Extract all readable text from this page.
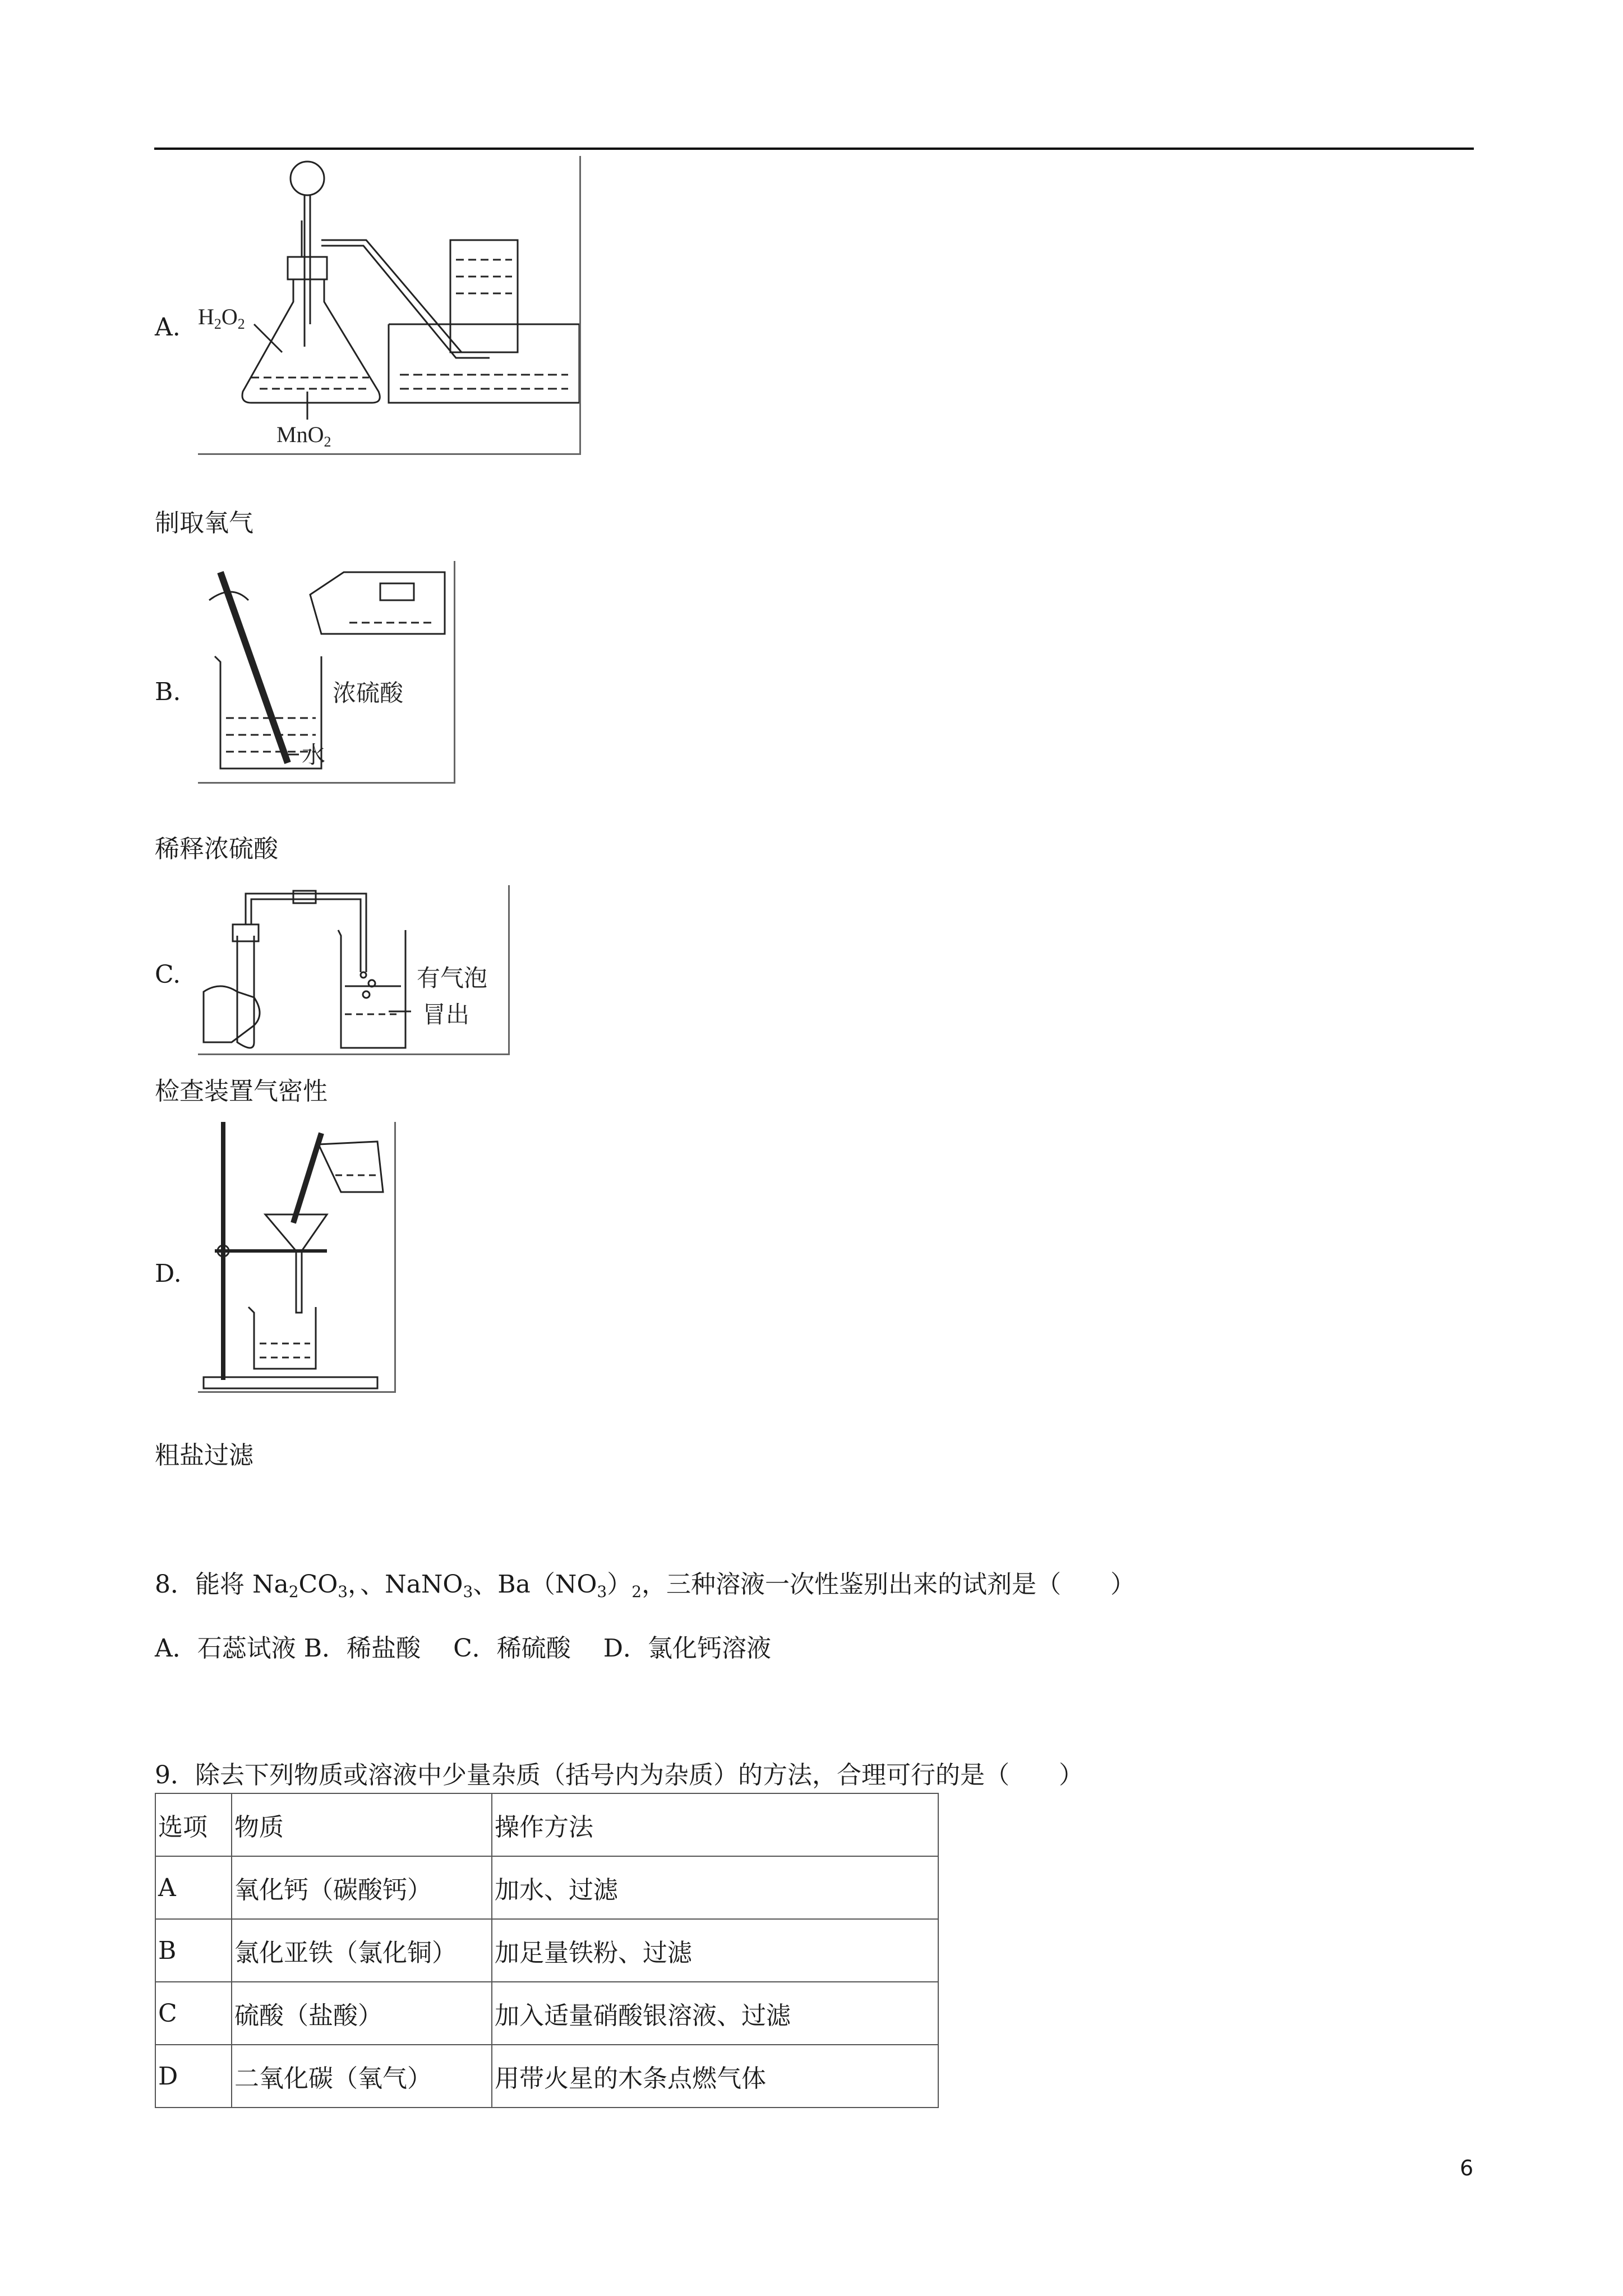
A. $H_2O_2$
MnO$_2$
制取氧气
B.	浓硫酸
水
稀释浓硫酸
C.	有气泡
冒出
检查装置气密性
D.
粗盐过滤
8．能将 $Na_2CO_3$，、NaNO$_3$、$Ba(NO_3)_2$，三种溶液一次性鉴别出来的试剂是（　　）
A．石蕊试液 B．稀盐酸　 C．稀硫酸　 D．氯化钙溶液
9．除去下列物质或溶液中少量杂质（括号内为杂质）的方法，合理可行的是（　　）
选项	物质	操作方法
A	氧化钙（碳酸钙）	加水、过滤
B	氯化亚铁（氯化铜）	加足量铁粉、过滤
C	硫酸（盐酸）	加入适量硝酸银溶液、过滤
D	二氧化碳（氧气）	用带火星的木条点燃气体
6
